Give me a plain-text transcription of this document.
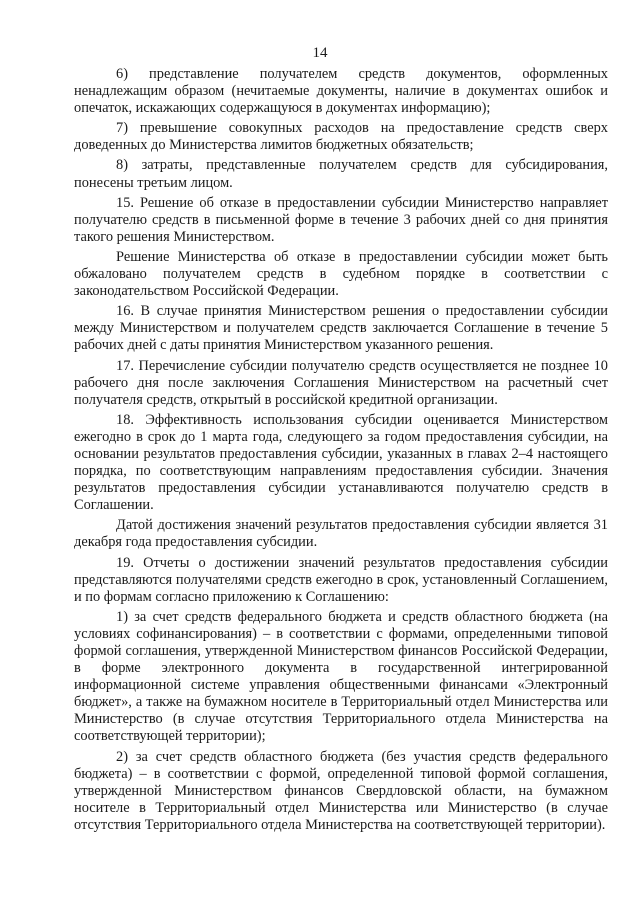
14

6) представление получателем средств документов, оформленных ненадлежащим образом (нечитаемые документы, наличие в документах ошибок и опечаток, искажающих содержащуюся в документах информацию);

7) превышение совокупных расходов на предоставление средств сверх доведенных до Министерства лимитов бюджетных обязательств;

8) затраты, представленные получателем средств для субсидирования, понесены третьим лицом.

15. Решение об отказе в предоставлении субсидии Министерство направляет получателю средств в письменной форме в течение 3 рабочих дней со дня принятия такого решения Министерством.

Решение Министерства об отказе в предоставлении субсидии может быть обжаловано получателем средств в судебном порядке в соответствии с законодательством Российской Федерации.

16. В случае принятия Министерством решения о предоставлении субсидии между Министерством и получателем средств заключается Соглашение в течение 5 рабочих дней с даты принятия Министерством указанного решения.

17. Перечисление субсидии получателю средств осуществляется не позднее 10 рабочего дня после заключения Соглашения Министерством на расчетный счет получателя средств, открытый в российской кредитной организации.

18. Эффективность использования субсидии оценивается Министерством ежегодно в срок до 1 марта года, следующего за годом предоставления субсидии, на основании результатов предоставления субсидии, указанных в главах 2–4 настоящего порядка, по соответствующим направлениям предоставления субсидии. Значения результатов предоставления субсидии устанавливаются получателю средств в Соглашении.

Датой достижения значений результатов предоставления субсидии является 31 декабря года предоставления субсидии.

19. Отчеты о достижении значений результатов предоставления субсидии представляются получателями средств ежегодно в срок, установленный Соглашением, и по формам согласно приложению к Соглашению:

1) за счет средств федерального бюджета и средств областного бюджета (на условиях софинансирования) – в соответствии с формами, определенными типовой формой соглашения, утвержденной Министерством финансов Российской Федерации, в форме электронного документа в государственной интегрированной информационной системе управления общественными финансами «Электронный бюджет», а также на бумажном носителе в Территориальный отдел Министерства или Министерство (в случае отсутствия Территориального отдела Министерства на соответствующей территории);

2) за счет средств областного бюджета (без участия средств федерального бюджета) – в соответствии с формой, определенной типовой формой соглашения, утвержденной Министерством финансов Свердловской области, на бумажном носителе в Территориальный отдел Министерства или Министерство (в случае отсутствия Территориального отдела Министерства на соответствующей территории).
